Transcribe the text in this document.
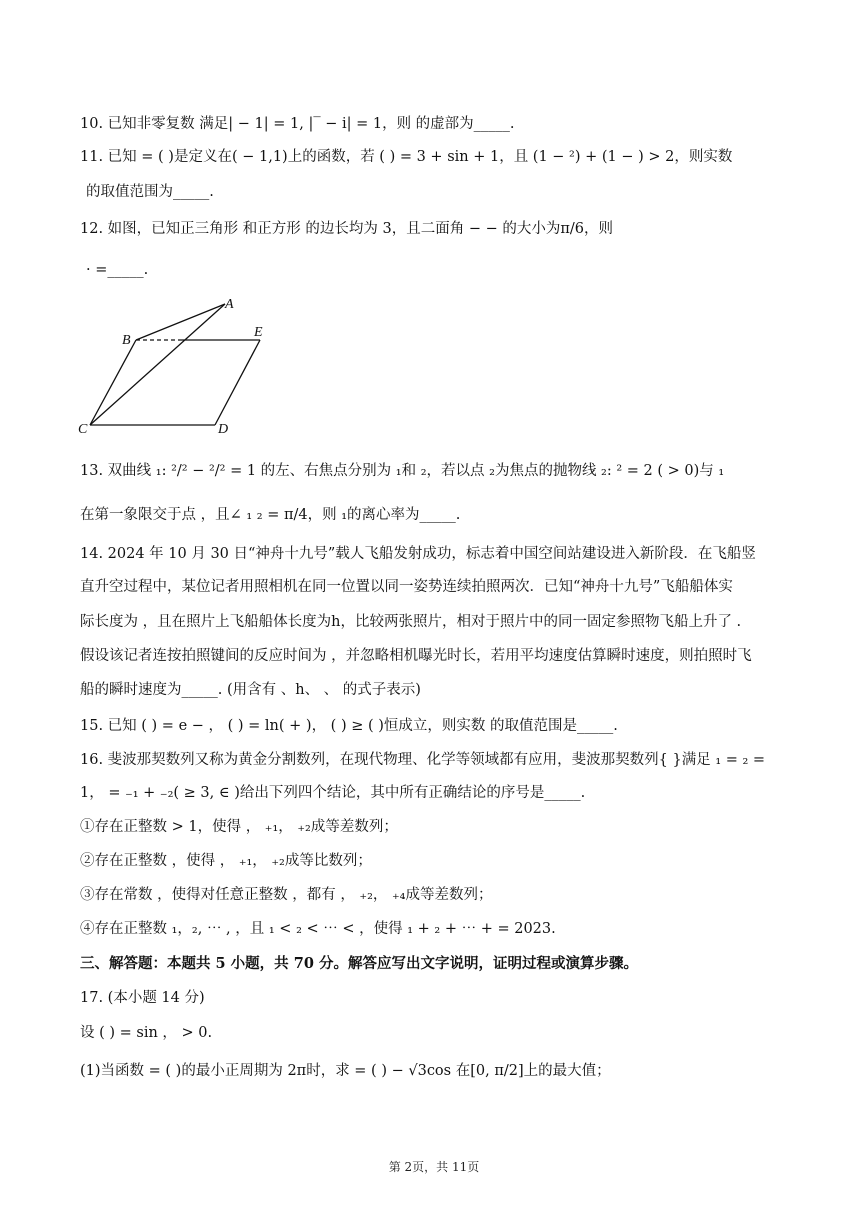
10. 已知非零复数 满足| − 1| = 1, |‾ − i| = 1，则 的虚部为_____.
11. 已知 = ( )是定义在( − 1,1)上的函数，若 ( ) = 3 + sin + 1，且 (1 − ²) + (1 − ) > 2，则实数
的取值范围为_____.
12. 如图，已知正三角形 和正方形 的边长均为 3，且二面角 − − 的大小为π/6，则
· =_____.
A
B
C	D
E
13. 双曲线 ₁: ²/² − ²/² = 1 的左、右焦点分别为 ₁和 ₂，若以点 ₂为焦点的抛物线 ₂: ² = 2 ( > 0)与 ₁
在第一象限交于点 ，且∠ ₁ ₂ = π/4，则 ₁的离心率为_____.
14. 2024 年 10 月 30 日“神舟十九号”载人飞船发射成功，标志着中国空间站建设进入新阶段．在飞船竖
直升空过程中，某位记者用照相机在同一位置以同一姿势连续拍照两次．已知“神舟十九号”飞船船体实
际长度为 ，且在照片上飞船船体长度为h，比较两张照片，相对于照片中的同一固定参照物飞船上升了 .
假设该记者连按拍照键间的反应时间为 ，并忽略相机曝光时长，若用平均速度估算瞬时速度，则拍照时飞
船的瞬时速度为_____. (用含有 、h、 、 的式子表示)
15. 已知 ( ) = e − ， ( ) = ln( + )， ( ) ≥ ( )恒成立，则实数 的取值范围是_____.
16. 斐波那契数列又称为黄金分割数列，在现代物理、化学等领域都有应用，斐波那契数列{ }满足 ₁ = ₂ =
1， = ₋₁ + ₋₂( ≥ 3, ∈ )给出下列四个结论，其中所有正确结论的序号是_____.
①存在正整数 > 1，使得 ， ₊₁， ₊₂成等差数列；
②存在正整数 ，使得 ， ₊₁， ₊₂成等比数列；
③存在常数 ，使得对任意正整数 ，都有 ， ₊₂， ₊₄成等差数列；
④存在正整数 ₁，₂, ⋯ , ，且 ₁ < ₂ < ⋯ < ，使得 ₁ + ₂ + ⋯ + = 2023.
三、解答题：本题共 5 小题，共 70 分。解答应写出文字说明，证明过程或演算步骤。
17. (本小题 14 分)
设 ( ) = sin ， > 0.
(1)当函数 = ( )的最小正周期为 2π时，求 = ( ) − √3cos 在[0, π/2]上的最大值；
第 2页，共 11页
